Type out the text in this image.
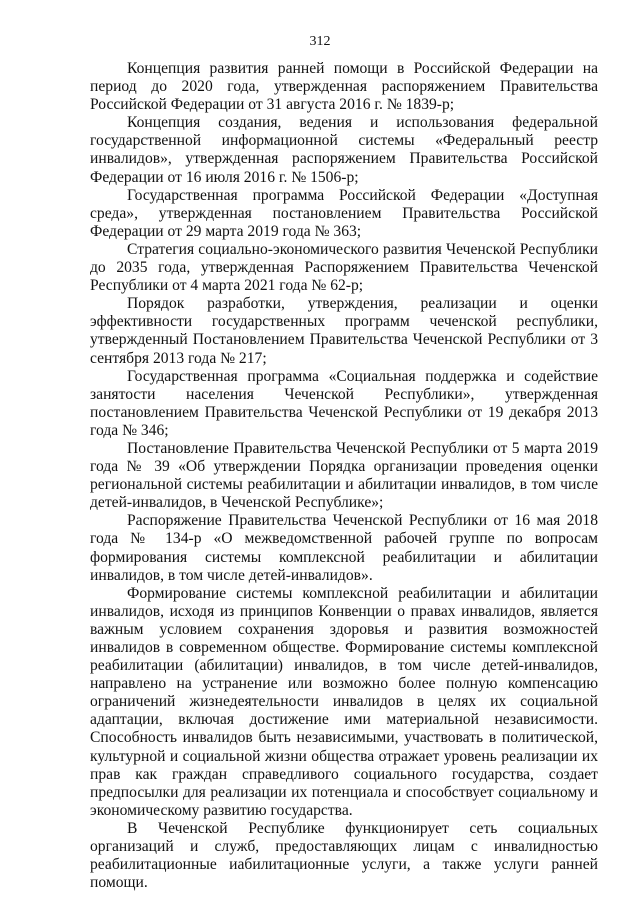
312

Концепция развития ранней помощи в Российской Федерации на период до 2020 года, утвержденная распоряжением Правительства Российской Федерации от 31 августа 2016 г. № 1839-р;

Концепция создания, ведения и использования федеральной государственной информационной системы «Федеральный реестр инвалидов», утвержденная распоряжением Правительства Российской Федерации от 16 июля 2016 г. № 1506-р;

Государственная программа Российской Федерации «Доступная среда», утвержденная постановлением Правительства Российской Федерации от 29 марта 2019 года № 363;

Стратегия социально-экономического развития Чеченской Республики до 2035 года, утвержденная Распоряжением Правительства Чеченской Республики от 4 марта 2021 года № 62-р;

Порядок разработки, утверждения, реализации и оценки эффективности государственных программ чеченской республики, утвержденный Постановлением Правительства Чеченской Республики от 3 сентября 2013 года № 217;

Государственная программа «Социальная поддержка и содействие занятости населения Чеченской Республики», утвержденная постановлением Правительства Чеченской Республики от 19 декабря 2013 года № 346;

Постановление Правительства Чеченской Республики от 5 марта 2019 года № 39 «Об утверждении Порядка организации проведения оценки региональной системы реабилитации и абилитации инвалидов, в том числе детей-инвалидов, в Чеченской Республике»;

Распоряжение Правительства Чеченской Республики от 16 мая 2018 года № 134-р «О межведомственной рабочей группе по вопросам формирования системы комплексной реабилитации и абилитации инвалидов, в том числе детей-инвалидов».

Формирование системы комплексной реабилитации и абилитации инвалидов, исходя из принципов Конвенции о правах инвалидов, является важным условием сохранения здоровья и развития возможностей инвалидов в современном обществе. Формирование системы комплексной реабилитации (абилитации) инвалидов, в том числе детей-инвалидов, направлено на устранение или возможно более полную компенсацию ограничений жизнедеятельности инвалидов в целях их социальной адаптации, включая достижение ими материальной независимости. Способность инвалидов быть независимыми, участвовать в политической, культурной и социальной жизни общества отражает уровень реализации их прав как граждан справедливого социального государства, создает предпосылки для реализации их потенциала и способствует социальному и экономическому развитию государства.

В Чеченской Республике функционирует сеть социальных организаций и служб, предоставляющих лицам с инвалидностью реабилитационные иабилитационные услуги, а также услуги ранней помощи.
